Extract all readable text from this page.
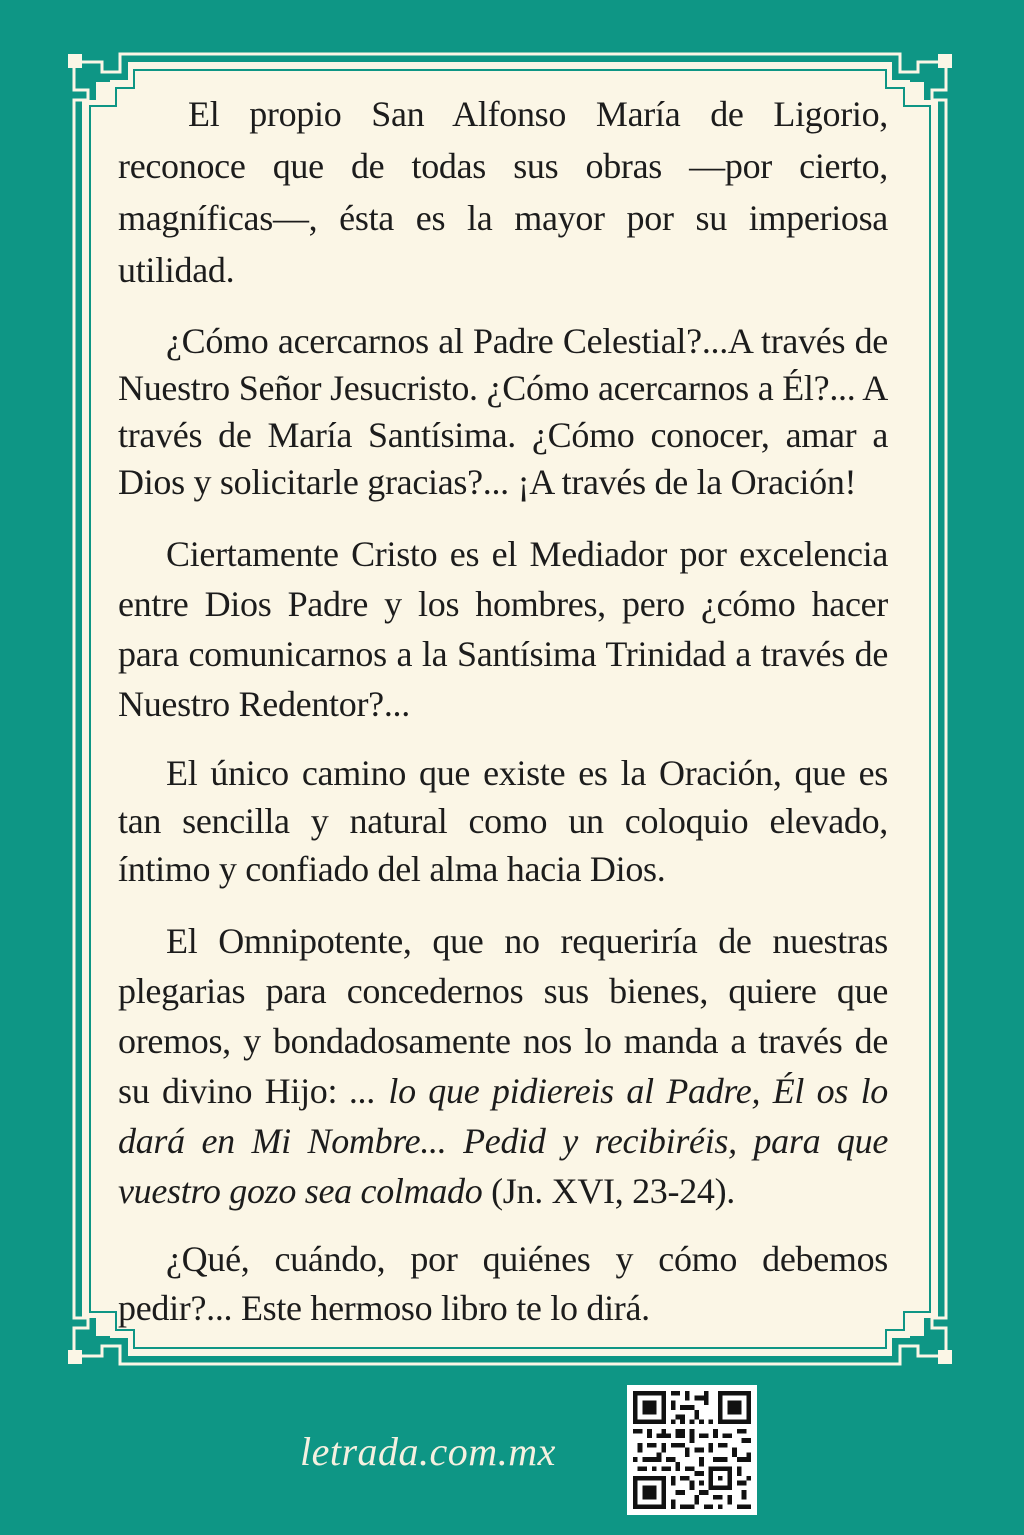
El propio San Alfonso María de Ligorio, reconoce que de todas sus obras —por cierto, magníficas—, ésta es la mayor por su imperiosa utilidad.

¿Cómo acercarnos al Padre Celestial?...A través de Nuestro Señor Jesucristo. ¿Cómo acercarnos a Él?... A través de María Santísima. ¿Cómo conocer, amar a Dios y solicitarle gracias?... ¡A través de la Oración!

Ciertamente Cristo es el Mediador por excelencia entre Dios Padre y los hombres, pero ¿cómo hacer para comunicarnos a la Santísima Trinidad a través de Nuestro Redentor?...

El único camino que existe es la Oración, que es tan sencilla y natural como un coloquio elevado, íntimo y confiado del alma hacia Dios.

El Omnipotente, que no requeriría de nuestras plegarias para concedernos sus bienes, quiere que oremos, y bondadosamente nos lo manda a través de su divino Hijo: ... lo que pidiereis al Padre, Él os lo dará en Mi Nombre... Pedid y recibiréis, para que vuestro gozo sea colmado (Jn. XVI, 23-24).

¿Qué, cuándo, por quiénes y cómo debemos pedir?... Este hermoso libro te lo dirá.

letrada.com.mx
